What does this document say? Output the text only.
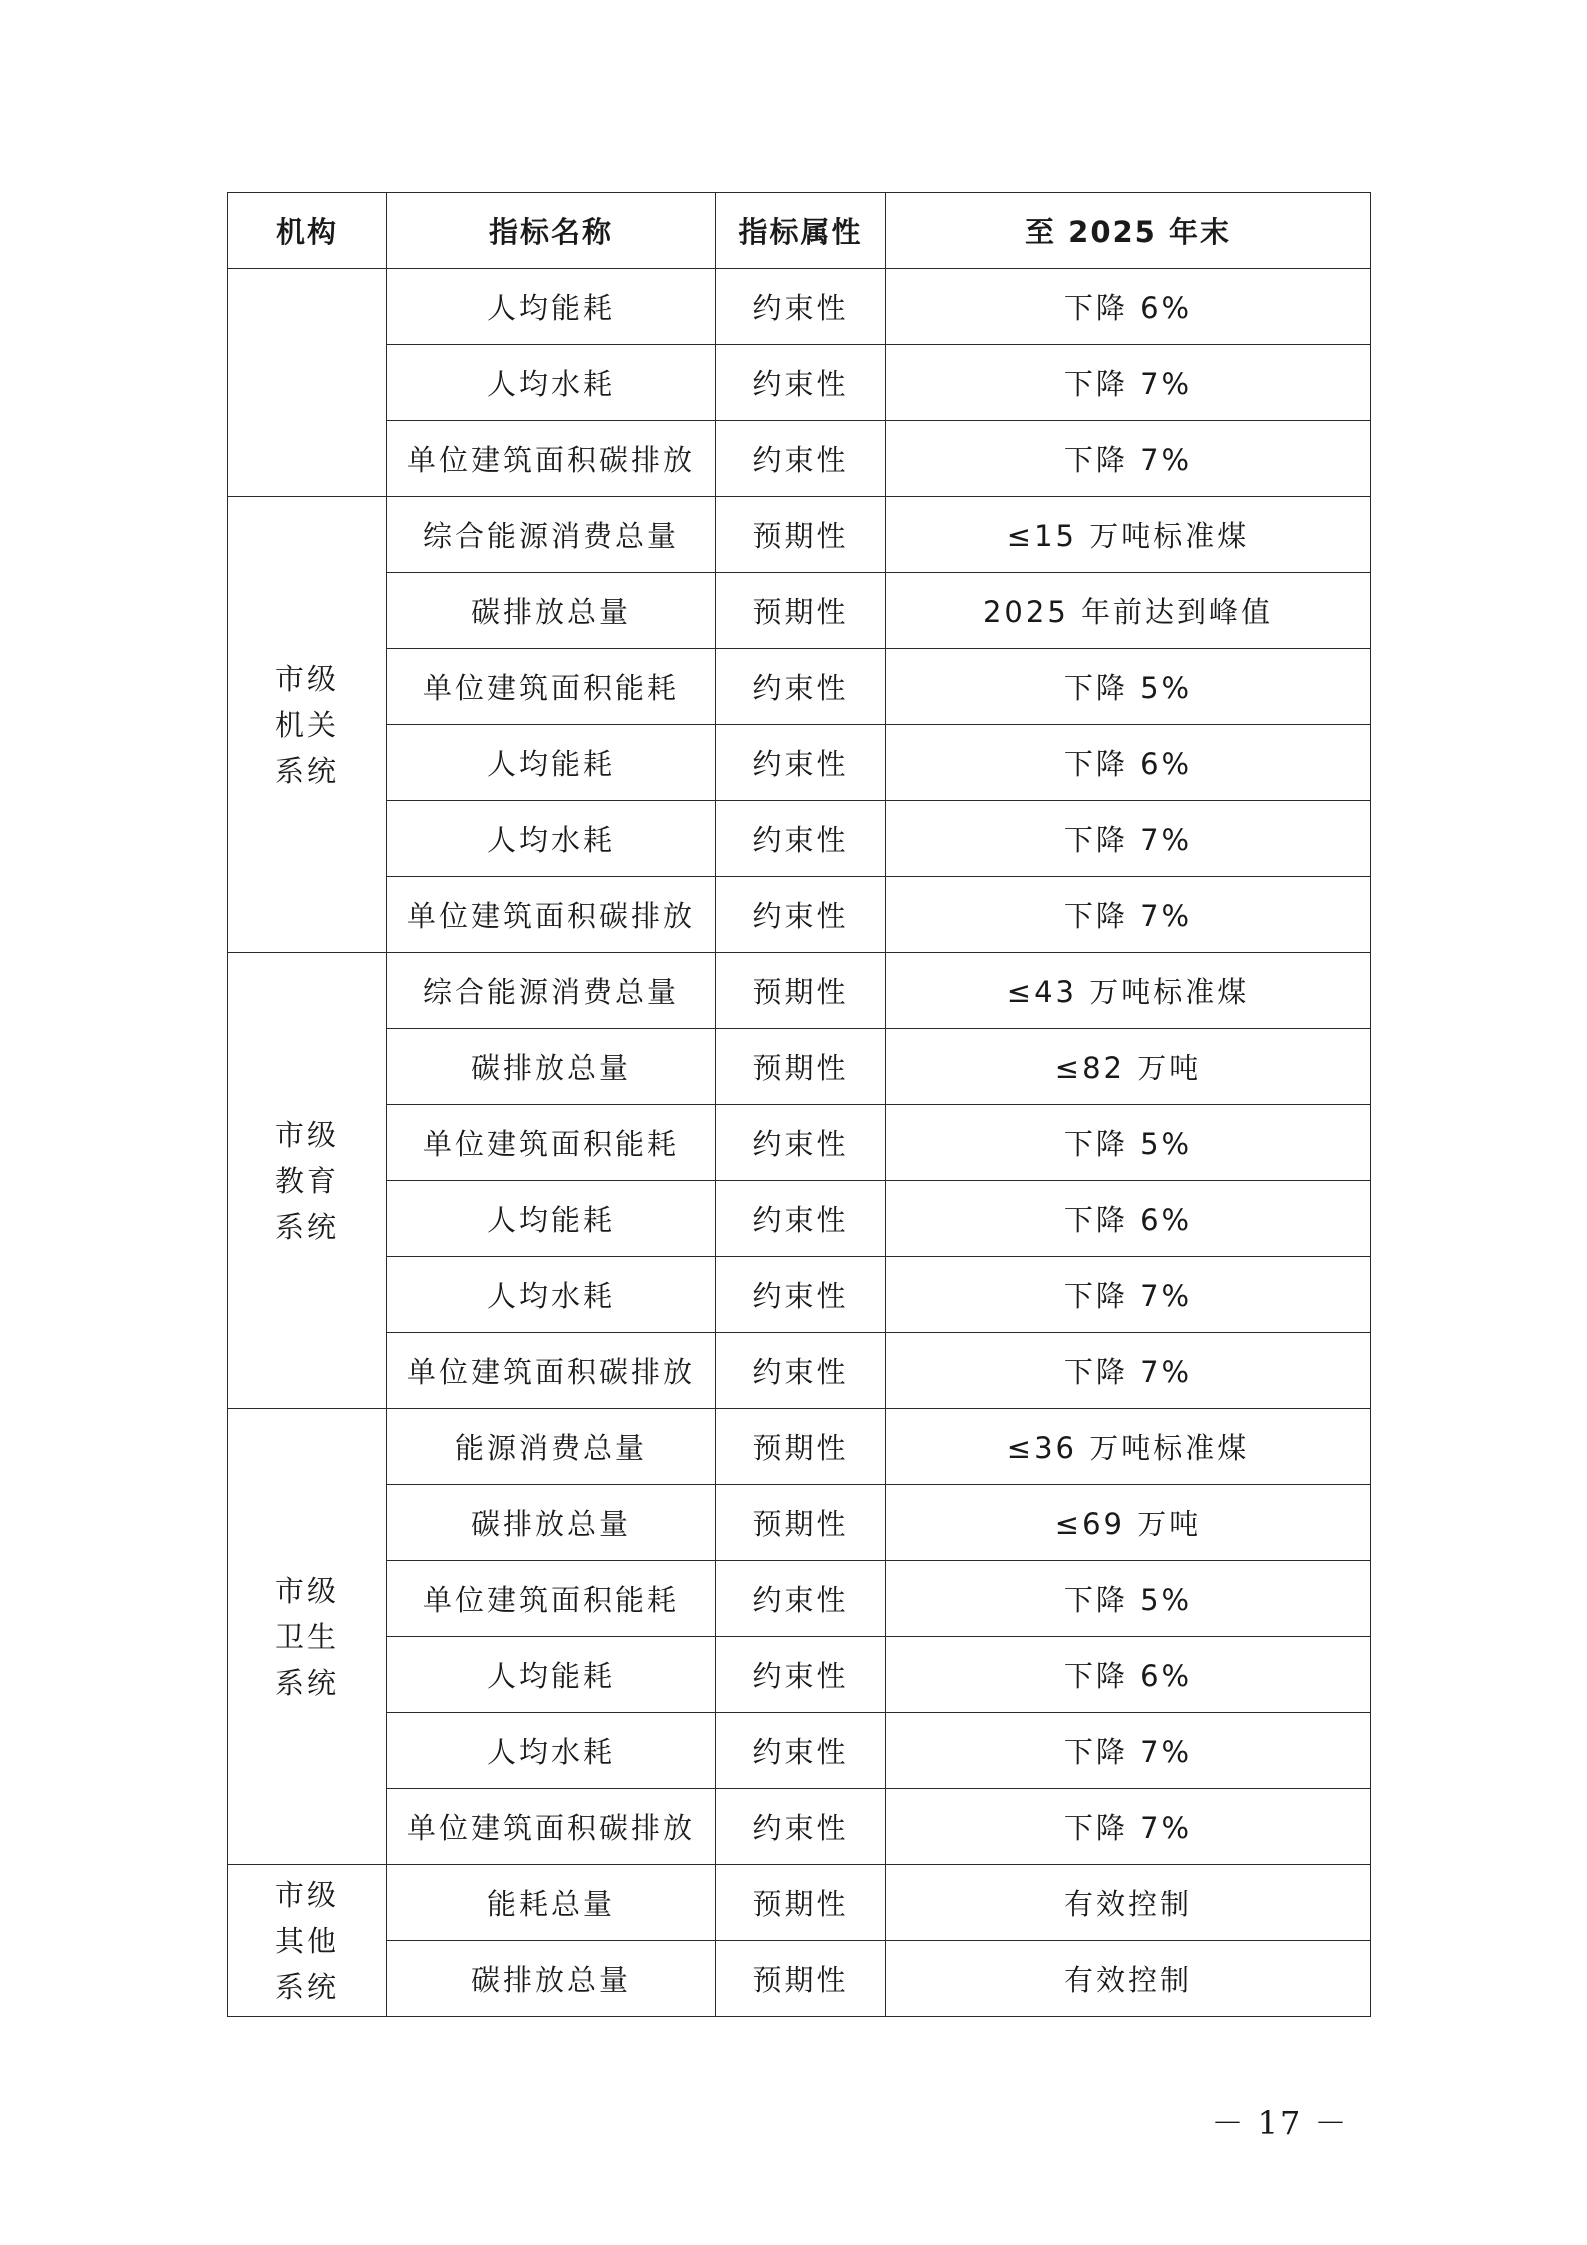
机构	指标名称	指标属性	至 2025 年末
	人均能耗	约束性	下降 6%
	人均水耗	约束性	下降 7%
	单位建筑面积碳排放	约束性	下降 7%
市级机关系统	综合能源消费总量	预期性	≤15 万吨标准煤
	碳排放总量	预期性	2025 年前达到峰值
	单位建筑面积能耗	约束性	下降 5%
	人均能耗	约束性	下降 6%
	人均水耗	约束性	下降 7%
	单位建筑面积碳排放	约束性	下降 7%
市级教育系统	综合能源消费总量	预期性	≤43 万吨标准煤
	碳排放总量	预期性	≤82 万吨
	单位建筑面积能耗	约束性	下降 5%
	人均能耗	约束性	下降 6%
	人均水耗	约束性	下降 7%
	单位建筑面积碳排放	约束性	下降 7%
市级卫生系统	能源消费总量	预期性	≤36 万吨标准煤
	碳排放总量	预期性	≤69 万吨
	单位建筑面积能耗	约束性	下降 5%
	人均能耗	约束性	下降 6%
	人均水耗	约束性	下降 7%
	单位建筑面积碳排放	约束性	下降 7%
市级其他系统	能耗总量	预期性	有效控制
	碳排放总量	预期性	有效控制
－ 17 －
